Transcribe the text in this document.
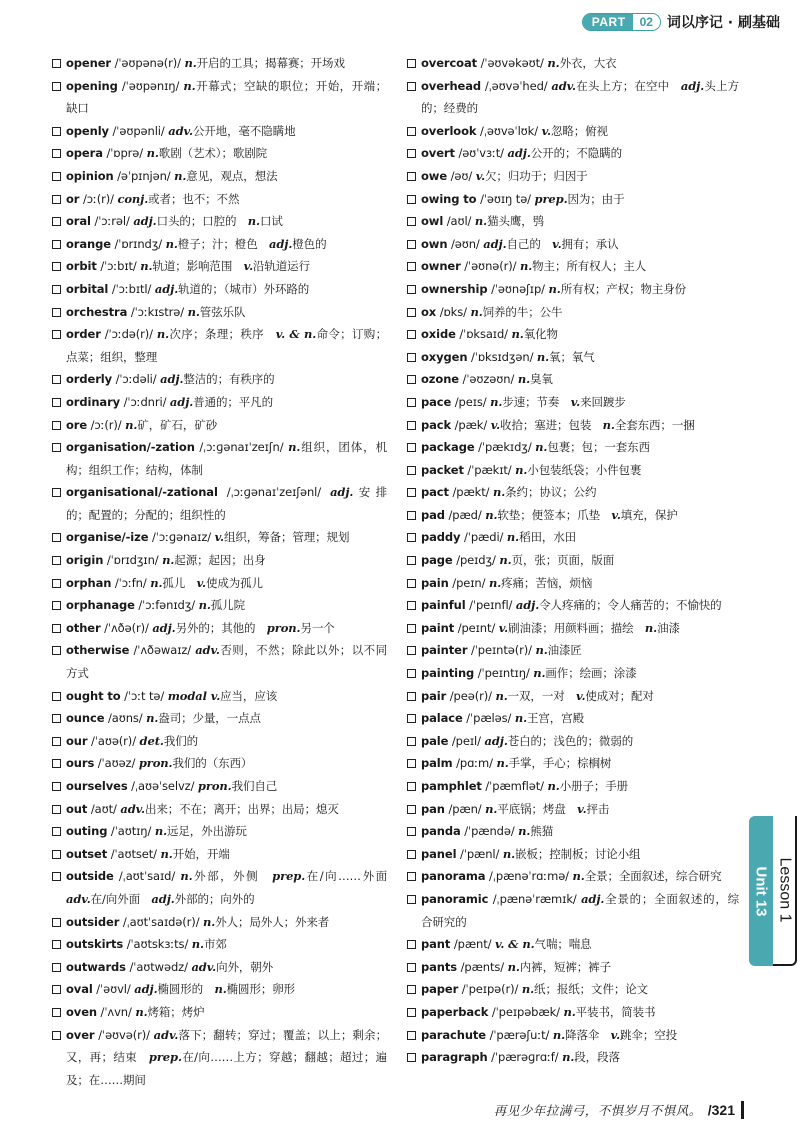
PART	02	词以序记 · 刷基础
opener /ˈəʊpənə(r)/ n.开启的工具；揭幕赛；开场戏
opening /ˈəʊpənɪŋ/ n.开幕式；空缺的职位；开始，开端；缺口
openly /ˈəʊpənli/ adv.公开地，毫不隐瞒地
opera /ˈɒprə/ n.歌剧（艺术）；歌剧院
opinion /əˈpɪnjən/ n.意见，观点，想法
or /ɔː(r)/ conj.或者；也不；不然
oral /ˈɔːrəl/ adj.口头的；口腔的　n.口试
orange /ˈɒrɪndʒ/ n.橙子；汁；橙色　adj.橙色的
orbit /ˈɔːbɪt/ n.轨道；影响范围　v.沿轨道运行
orbital /ˈɔːbɪtl/ adj.轨道的；（城市）外环路的
orchestra /ˈɔːkɪstrə/ n.管弦乐队
order /ˈɔːdə(r)/ n.次序；条理；秩序　v. & n.命令；订购；点菜；组织，整理
orderly /ˈɔːdəli/ adj.整洁的；有秩序的
ordinary /ˈɔːdnri/ adj.普通的；平凡的
ore /ɔː(r)/ n.矿，矿石，矿砂
organisation/-zation /ˌɔːɡənaɪˈzeɪʃn/ n.组织，团体，机构；组织工作；结构，体制
organisational/-zational /ˌɔːɡənaɪˈzeɪʃənl/ adj.安排的；配置的；分配的；组织性的
organise/-ize /ˈɔːɡənaɪz/ v.组织，筹备；管理；规划
origin /ˈɒrɪdʒɪn/ n.起源；起因；出身
orphan /ˈɔːfn/ n.孤儿　v.使成为孤儿
orphanage /ˈɔːfənɪdʒ/ n.孤儿院
other /ˈʌðə(r)/ adj.另外的；其他的　pron.另一个
otherwise /ˈʌðəwaɪz/ adv.否则，不然；除此以外；以不同方式
ought to /ˈɔːt tə/ modal v.应当，应该
ounce /aʊns/ n.盎司；少量，一点点
our /ˈaʊə(r)/ det.我们的
ours /ˈaʊəz/ pron.我们的（东西）
ourselves /ˌaʊəˈselvz/ pron.我们自己
out /aʊt/ adv.出来；不在；离开；出界；出局；熄灭
outing /ˈaʊtɪŋ/ n.远足，外出游玩
outset /ˈaʊtset/ n.开始，开端
outside /ˌaʊtˈsaɪd/ n.外部，外侧　prep.在/向……外面　adv.在/向外面　adj.外部的；向外的
outsider /ˌaʊtˈsaɪdə(r)/ n.外人；局外人；外来者
outskirts /ˈaʊtskɜːts/ n.市郊
outwards /ˈaʊtwədz/ adv.向外，朝外
oval /ˈəʊvl/ adj.椭圆形的　n.椭圆形；卵形
oven /ˈʌvn/ n.烤箱；烤炉
over /ˈəʊvə(r)/ adv.落下；翻转；穿过；覆盖；以上；剩余；又，再；结束　prep.在/向……上方；穿越；翻越；超过；遍及；在……期间
overcoat /ˈəʊvəkəʊt/ n.外衣，大衣
overhead /ˌəʊvəˈhed/ adv.在头上方；在空中　adj.头上方的；经费的
overlook /ˌəʊvəˈlʊk/ v.忽略；俯视
overt /əʊˈvɜːt/ adj.公开的；不隐瞒的
owe /əʊ/ v.欠；归功于；归因于
owing to /ˈəʊɪŋ tə/ prep.因为；由于
owl /aʊl/ n.猫头鹰，鸮
own /əʊn/ adj.自己的　v.拥有；承认
owner /ˈəʊnə(r)/ n.物主；所有权人；主人
ownership /ˈəʊnəʃɪp/ n.所有权；产权；物主身份
ox /ɒks/ n.饲养的牛；公牛
oxide /ˈɒksaɪd/ n.氧化物
oxygen /ˈɒksɪdʒən/ n.氧；氧气
ozone /ˈəʊzəʊn/ n.臭氧
pace /peɪs/ n.步速；节奏　v.来回踱步
pack /pæk/ v.收拾；塞进；包装　n.全套东西；一捆
package /ˈpækɪdʒ/ n.包裹；包；一套东西
packet /ˈpækɪt/ n.小包装纸袋；小件包裹
pact /pækt/ n.条约；协议；公约
pad /pæd/ n.软垫；便签本；爪垫　v.填充，保护
paddy /ˈpædi/ n.稻田，水田
page /peɪdʒ/ n.页，张；页面，版面
pain /peɪn/ n.疼痛；苦恼，烦恼
painful /ˈpeɪnfl/ adj.令人疼痛的；令人痛苦的；不愉快的
paint /peɪnt/ v.刷油漆；用颜料画；描绘　n.油漆
painter /ˈpeɪntə(r)/ n.油漆匠
painting /ˈpeɪntɪŋ/ n.画作；绘画；涂漆
pair /peə(r)/ n.一双，一对　v.使成对；配对
palace /ˈpæləs/ n.王宫，宫殿
pale /peɪl/ adj.苍白的；浅色的；微弱的
palm /pɑːm/ n.手掌，手心；棕榈树
pamphlet /ˈpæmflət/ n.小册子；手册
pan /pæn/ n.平底锅；烤盘　v.抨击
panda /ˈpændə/ n.熊猫
panel /ˈpænl/ n.嵌板；控制板；讨论小组
panorama /ˌpænəˈrɑːmə/ n.全景；全面叙述，综合研究
panoramic /ˌpænəˈræmɪk/ adj.全景的；全面叙述的，综合研究的
pant /pænt/ v. & n.气喘；喘息
pants /pænts/ n.内裤，短裤；裤子
paper /ˈpeɪpə(r)/ n.纸；报纸；文件；论文
paperback /ˈpeɪpəbæk/ n.平装书，简装书
parachute /ˈpærəʃuːt/ n.降落伞　v.跳伞；空投
paragraph /ˈpærəɡrɑːf/ n.段，段落
Unit 13 Lesson 1
再见少年拉满弓，不惧岁月不惧风。 /321
